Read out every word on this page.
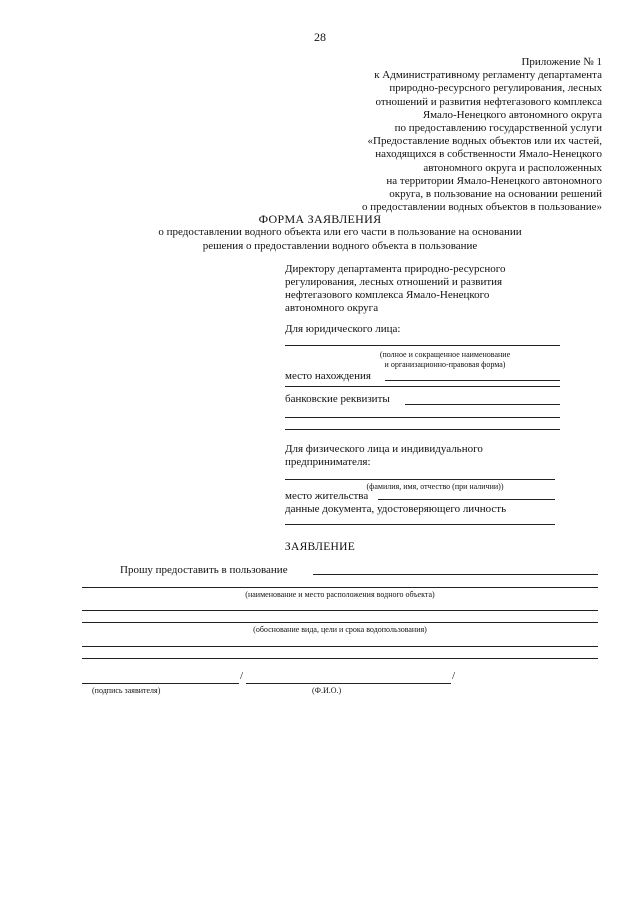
28
Приложение № 1
к Административному регламенту департамента
природно-ресурсного регулирования, лесных
отношений и развития нефтегазового комплекса
Ямало-Ненецкого автономного округа
по предоставлению государственной услуги
«Предоставление водных объектов или их частей,
находящихся в собственности Ямало-Ненецкого
автономного округа и расположенных
на территории Ямало-Ненецкого автономного
округа, в пользование на основании решений
о предоставлении водных объектов в пользование»
ФОРМА ЗАЯВЛЕНИЯ
о предоставлении водного объекта или его части в пользование на основании
решения о предоставлении водного объекта в пользование
Директору департамента природно-ресурсного
регулирования, лесных отношений и развития
нефтегазового комплекса Ямало-Ненецкого
автономного округа
Для юридического лица:
(полное и сокращенное наименование
и организационно-правовая форма)
место нахождения
банковские реквизиты
Для физического лица и индивидуального
предпринимателя:
(фамилия, имя, отчество (при наличии))
место жительства
данные документа, удостоверяющего личность
ЗАЯВЛЕНИЕ
Прошу предоставить в пользование
(наименование и место расположения водного объекта)
(обоснование вида, цели и срока водопользования)
/	/
(подпись заявителя)	(Ф.И.О.)
